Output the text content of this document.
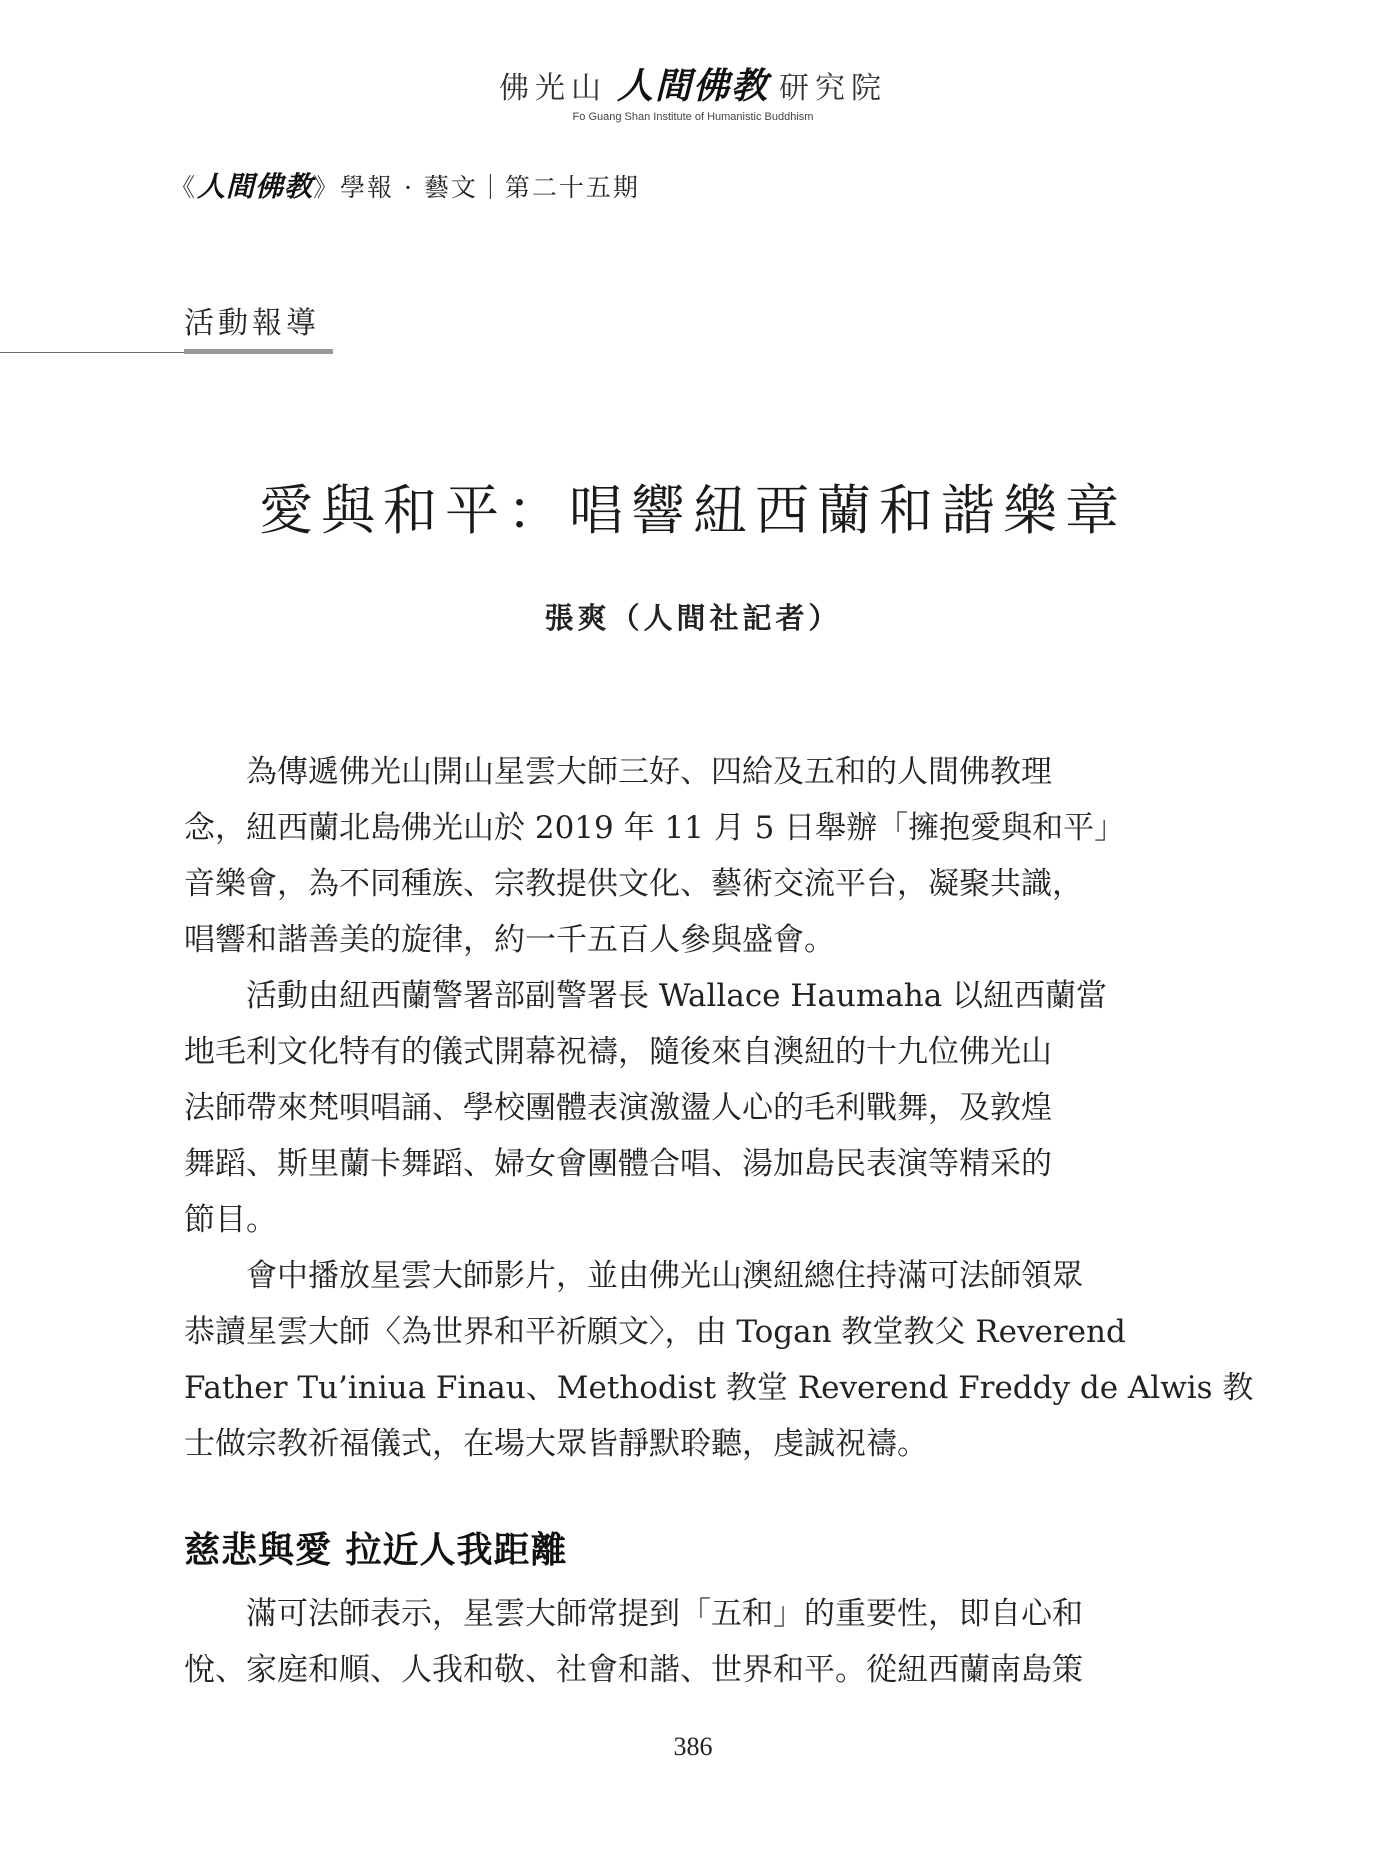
佛光山 人間佛教 研究院
Fo Guang Shan Institute of Humanistic Buddhism
《人間佛教》學報 · 藝文｜第二十五期
活動報導
愛與和平：唱響紐西蘭和諧樂章
張爽（人間社記者）

為傳遞佛光山開山星雲大師三好、四給及五和的人間佛教理
念，紐西蘭北島佛光山於 2019 年 11 月 5 日舉辦「擁抱愛與和平」
音樂會，為不同種族、宗教提供文化、藝術交流平台，凝聚共識，
唱響和諧善美的旋律，約一千五百人參與盛會。

活動由紐西蘭警署部副警署長 Wallace Haumaha 以紐西蘭當
地毛利文化特有的儀式開幕祝禱，隨後來自澳紐的十九位佛光山
法師帶來梵唄唱誦、學校團體表演激盪人心的毛利戰舞，及敦煌
舞蹈、斯里蘭卡舞蹈、婦女會團體合唱、湯加島民表演等精采的
節目。

會中播放星雲大師影片，並由佛光山澳紐總住持滿可法師領眾
恭讀星雲大師〈為世界和平祈願文〉，由 Togan 教堂教父 Reverend
Father Tu’iniua Finau、Methodist 教堂 Reverend Freddy de Alwis 教
士做宗教祈福儀式，在場大眾皆靜默聆聽，虔誠祝禱。

慈悲與愛 拉近人我距離

滿可法師表示，星雲大師常提到「五和」的重要性，即自心和
悅、家庭和順、人我和敬、社會和諧、世界和平。從紐西蘭南島策

386
